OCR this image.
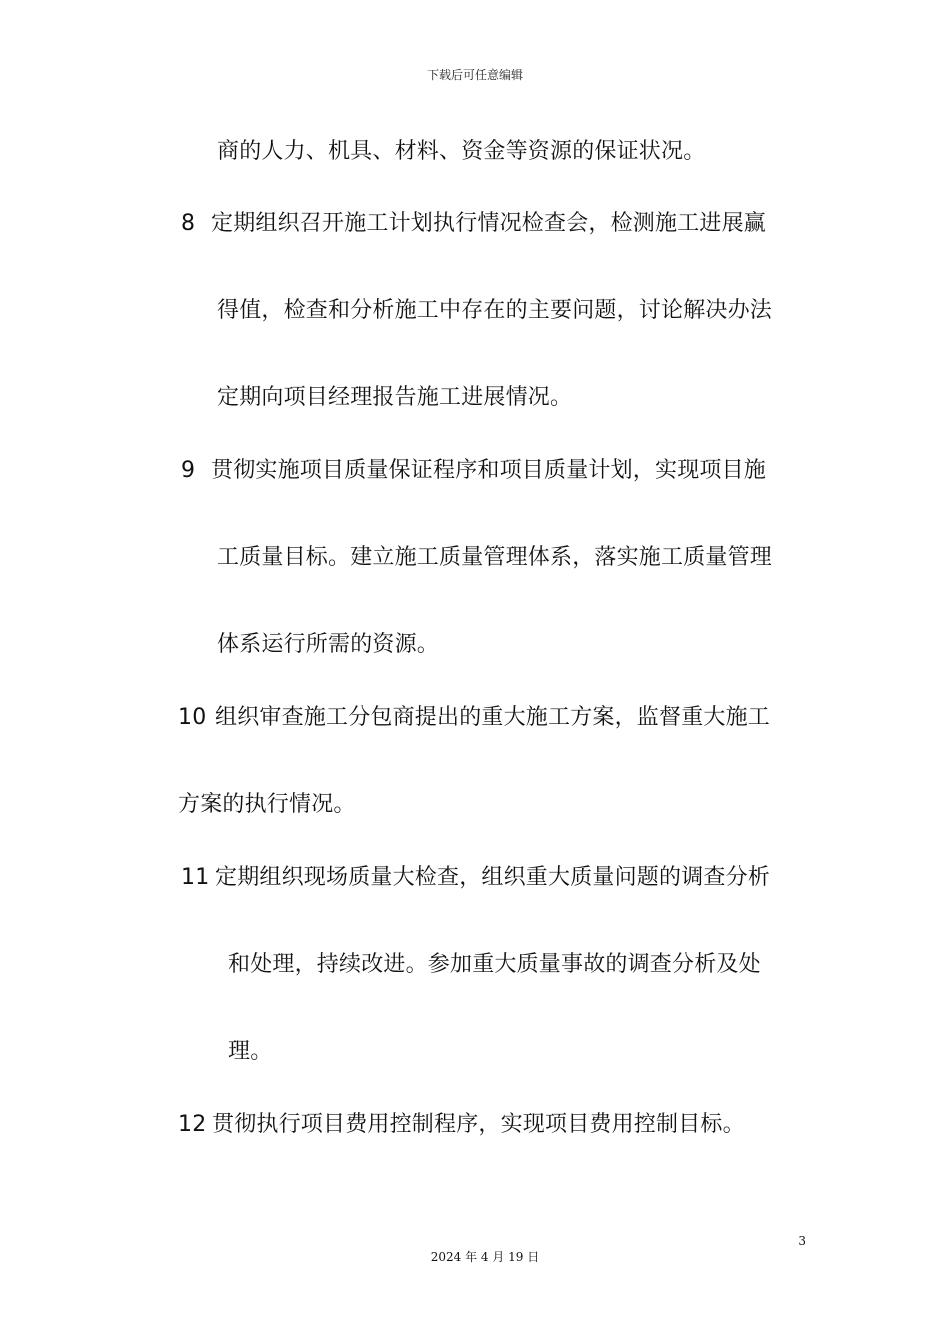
下载后可任意编辑
商的人力、机具、材料、资金等资源的保证状况。
8 定期组织召开施工计划执行情况检查会，检测施工进展赢
得值，检查和分析施工中存在的主要问题，讨论解决办法
定期向项目经理报告施工进展情况。
9 贯彻实施项目质量保证程序和项目质量计划，实现项目施
工质量目标。建立施工质量管理体系，落实施工质量管理
体系运行所需的资源。
10 组织审查施工分包商提出的重大施工方案，监督重大施工
方案的执行情况。
11 定期组织现场质量大检查，组织重大质量问题的调查分析
和处理，持续改进。参加重大质量事故的调查分析及处
理。
12 贯彻执行项目费用控制程序，实现项目费用控制目标。
3
2024 年 4 月 19 日
